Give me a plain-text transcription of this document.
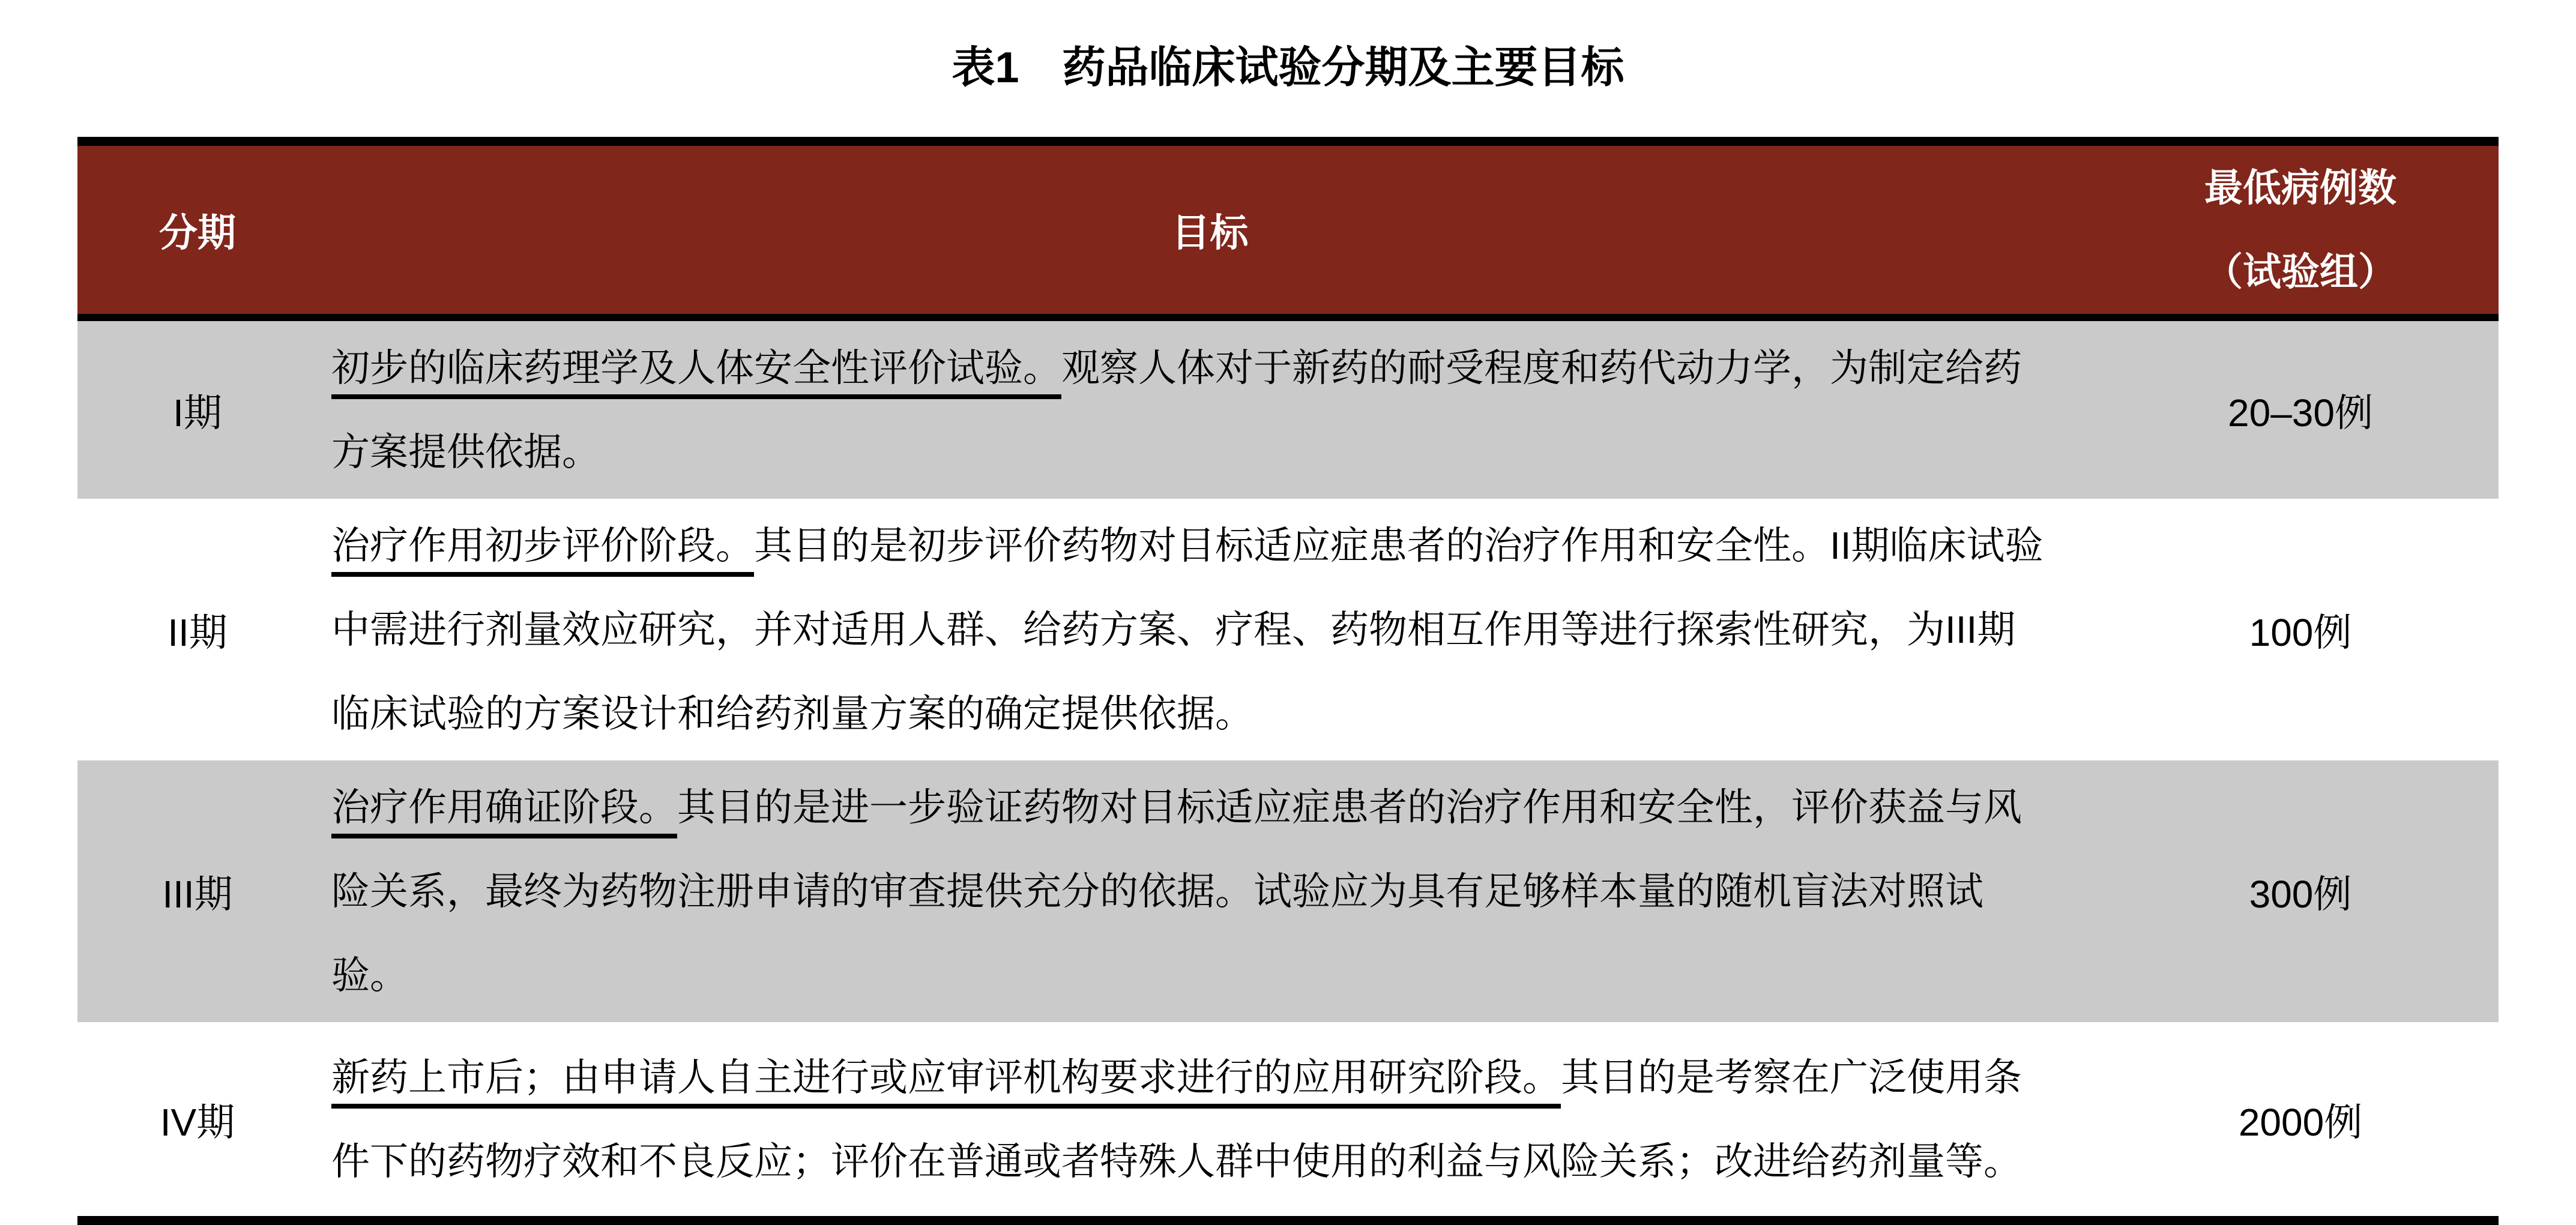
表1　药品临床试验分期及主要目标
分期	目标	最低病例数
（试验组）
I期	初步的临床药理学及人体安全性评价试验。观察人体对于新药的耐受程度和药代动力学，为制定给药方案提供依据。	20–30例
II期	治疗作用初步评价阶段。其目的是初步评价药物对目标适应症患者的治疗作用和安全性。II期临床试验中需进行剂量效应研究，并对适用人群、给药方案、疗程、药物相互作用等进行探索性研究，为III期临床试验的方案设计和给药剂量方案的确定提供依据。	100例
III期	治疗作用确证阶段。其目的是进一步验证药物对目标适应症患者的治疗作用和安全性，评价获益与风险关系，最终为药物注册申请的审查提供充分的依据。试验应为具有足够样本量的随机盲法对照试验。	300例
IV期	新药上市后；由申请人自主进行或应审评机构要求进行的应用研究阶段。其目的是考察在广泛使用条件下的药物疗效和不良反应；评价在普通或者特殊人群中使用的利益与风险关系；改进给药剂量等。	2000例
